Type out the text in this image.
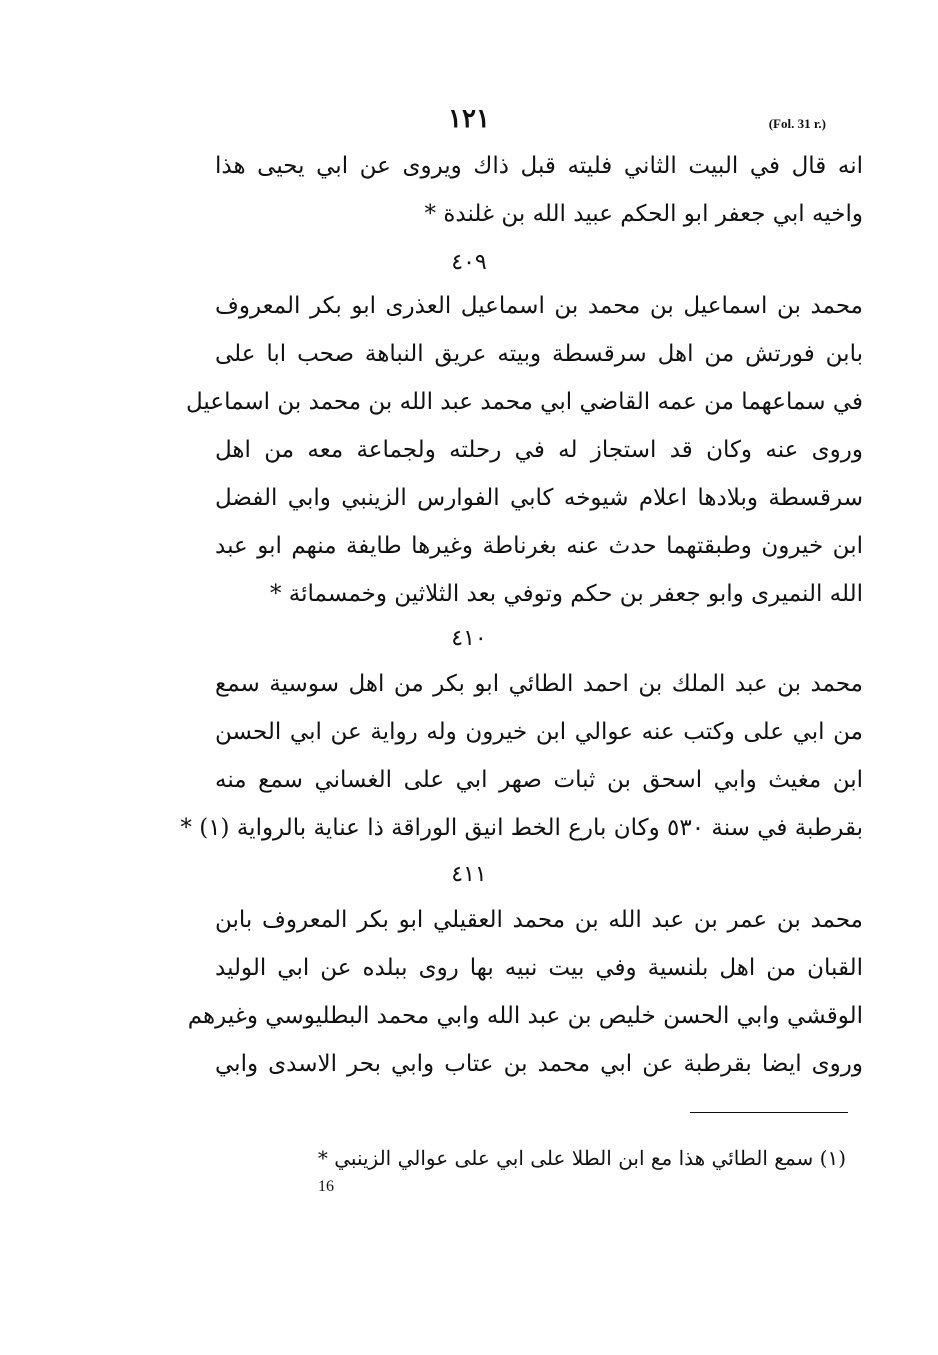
١٢١	(Fol. 31 r.)
انه قال في البيت الثاني فليته قبل ذاك ويروى عن ابي يحيى هذا
واخيه ابي جعفر ابو الحكم عبيد الله بن غلندة *
٤٠٩
محمد بن اسماعيل بن محمد بن اسماعيل العذرى ابو بكر المعروف
بابن فورتش من اهل سرقسطة وبيته عريق النباهة صحب ابا على
في سماعهما من عمه القاضي ابي محمد عبد الله بن محمد بن اسماعيل
وروى عنه وكان قد استجاز له في رحلته ولجماعة معه من اهل
سرقسطة وبلادها اعلام شيوخه كابي الفوارس الزينبي وابي الفضل
ابن خيرون وطبقتهما حدث عنه بغرناطة وغيرها طايفة منهم ابو عبد
الله النميرى وابو جعفر بن حكم وتوفي بعد الثلاثين وخمسمائة *
٤١٠
محمد بن عبد الملك بن احمد الطائي ابو بكر من اهل سوسية سمع
من ابي على وكتب عنه عوالي ابن خيرون وله رواية عن ابي الحسن
ابن مغيث وابي اسحق بن ثبات صهر ابي على الغساني سمع منه
بقرطبة في سنة ٥٣٠ وكان بارع الخط انيق الوراقة ذا عناية بالرواية (١) *
٤١١
محمد بن عمر بن عبد الله بن محمد العقيلي ابو بكر المعروف بابن
القبان من اهل بلنسية وفي بيت نبيه بها روى ببلده عن ابي الوليد
الوقشي وابي الحسن خليص بن عبد الله وابي محمد البطليوسي وغيرهم
وروى ايضا بقرطبة عن ابي محمد بن عتاب وابي بحر الاسدى وابي
(١) سمع الطائي هذا مع ابن الطلا على ابي على عوالي الزينبي *
16
